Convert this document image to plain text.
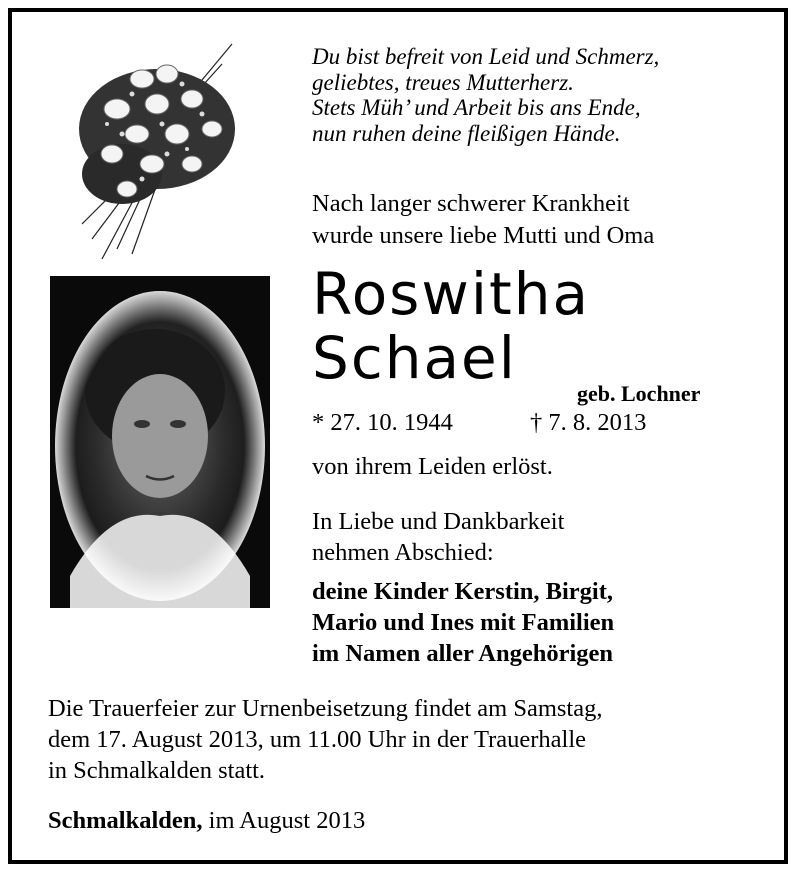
Du bist befreit von Leid und Schmerz,
geliebtes, treues Mutterherz.
Stets Müh’ und Arbeit bis ans Ende,
nun ruhen deine fleißigen Hände.
Nach langer schwerer Krankheit
wurde unsere liebe Mutti und Oma
Roswitha
Schael
geb. Lochner
* 27. 10. 1944	† 7. 8. 2013
von ihrem Leiden erlöst.
In Liebe und Dankbarkeit
nehmen Abschied:
deine Kinder Kerstin, Birgit,
Mario und Ines mit Familien
im Namen aller Angehörigen
Die Trauerfeier zur Urnenbeisetzung findet am Samstag,
dem 17. August 2013, um 11.00 Uhr in der Trauerhalle
in Schmalkalden statt.
Schmalkalden, im August 2013
